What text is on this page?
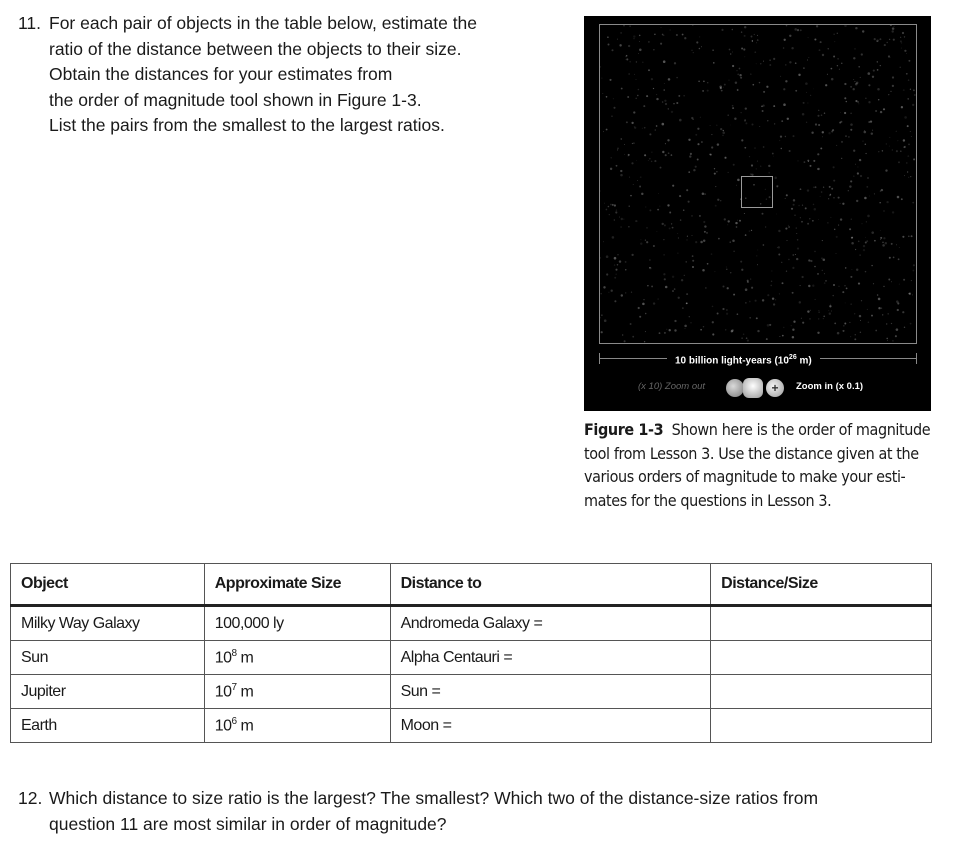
11. For each pair of objects in the table below, estimate the
ratio of the distance between the objects to their size.
Obtain the distances for your estimates from
the order of magnitude tool shown in Figure 1-3.
List the pairs from the smallest to the largest ratios.
10 billion light-years ($10^{26}$ m)
(x 10) Zoom out	+	Zoom in (x 0.1)
Figure 1-3 Shown here is the order of magnitude
tool from Lesson 3. Use the distance given at the
various orders of magnitude to make your esti-
mates for the questions in Lesson 3.
Object	Approximate Size	Distance to	Distance/Size
Milky Way Galaxy	100,000 ly	Andromeda Galaxy =	
Sun	$10^8$ m	Alpha Centauri =	
Jupiter	$10^7$ m	Sun =	
Earth	$10^6$ m	Moon =	
12. Which distance to size ratio is the largest? The smallest? Which two of the distance-size ratios from
question 11 are most similar in order of magnitude?
